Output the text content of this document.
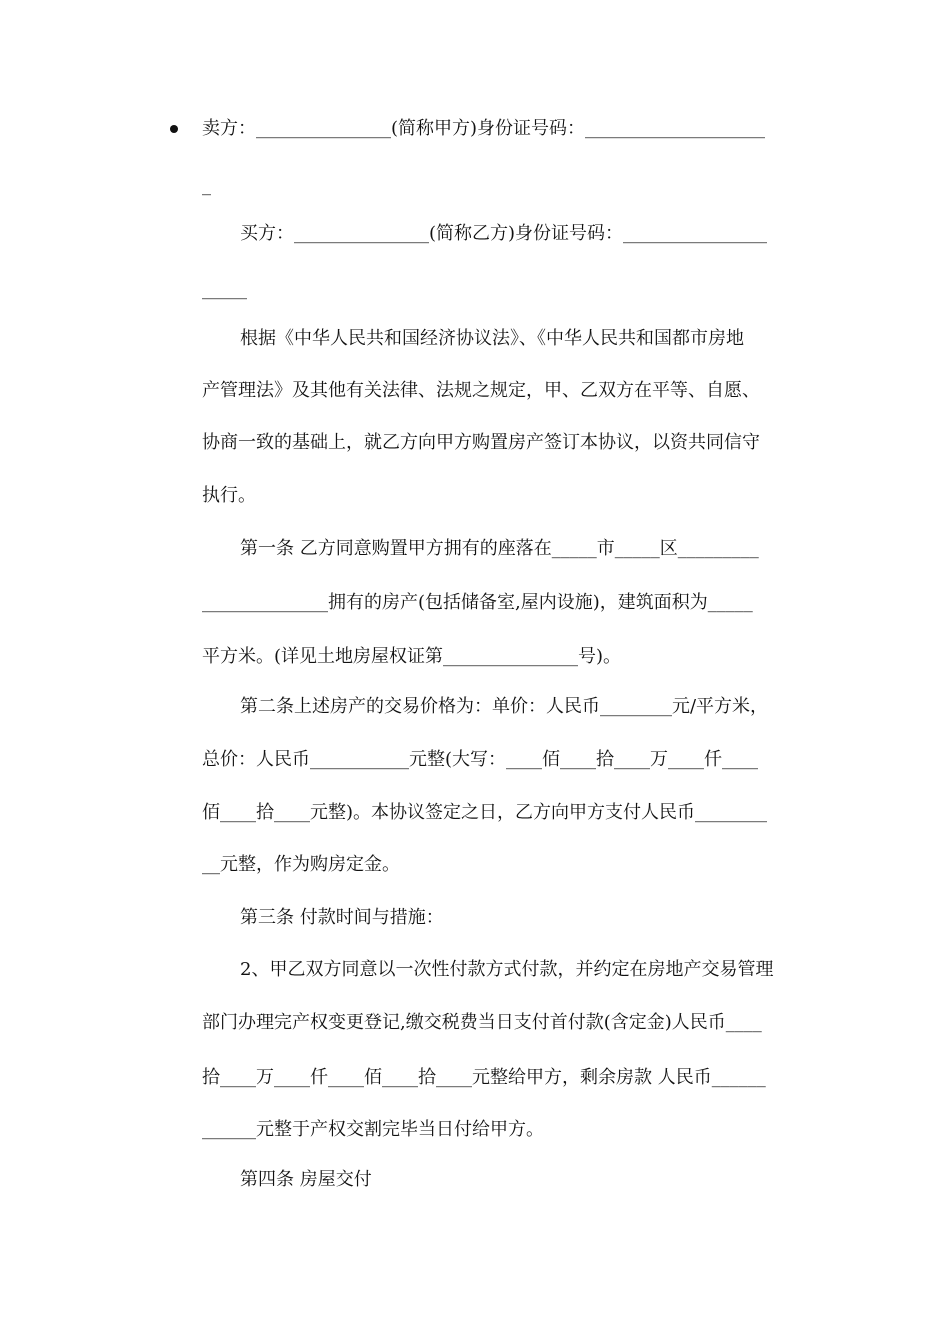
卖方：_______________(简称甲方)身份证号码：____________________
_
买方：_______________(简称乙方)身份证号码：________________
_____
根据《中华人民共和国经济协议法》、《中华人民共和国都市房地
产管理法》及其他有关法律、法规之规定，甲、乙双方在平等、自愿、
协商一致的基础上，就乙方向甲方购置房产签订本协议，以资共同信守
执行。
第一条 乙方同意购置甲方拥有的座落在_____市_____区_________
______________拥有的房产(包括储备室,屋内设施)，建筑面积为_____
平方米。(详见土地房屋权证第_______________号)。
第二条上述房产的交易价格为：单价：人民币________元/平方米，
总价：人民币___________元整(大写：____佰____拾____万____仟____
佰____拾____元整)。本协议签定之日，乙方向甲方支付人民币________
__元整，作为购房定金。
第三条 付款时间与措施：
2、甲乙双方同意以一次性付款方式付款，并约定在房地产交易管理
部门办理完产权变更登记,缴交税费当日支付首付款(含定金)人民币____
拾____万____仟____佰____拾____元整给甲方，剩余房款 人民币______
______元整于产权交割完毕当日付给甲方。
第四条 房屋交付
